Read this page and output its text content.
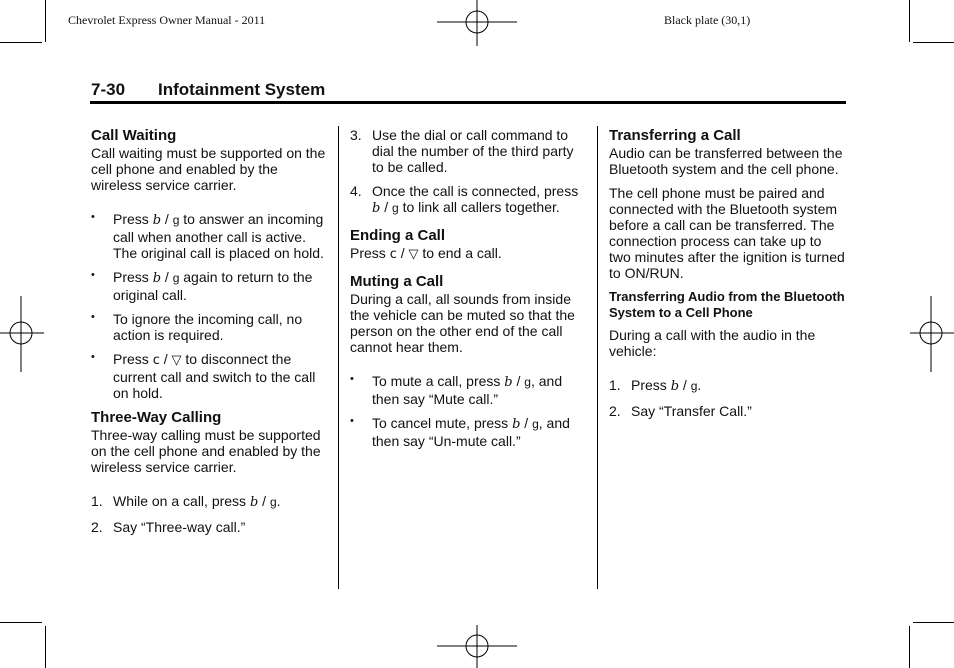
Chevrolet Express Owner Manual - 2011	Black plate (30,1)
7-30 Infotainment System

Call Waiting

Call waiting must be supported on the cell phone and enabled by the wireless service carrier.

• Press b / g to answer an incoming call when another call is active. The original call is placed on hold.
• Press b / g again to return to the original call.
• To ignore the incoming call, no action is required.
• Press c / ▽ to disconnect the current call and switch to the call on hold.

Three-Way Calling

Three-way calling must be supported on the cell phone and enabled by the wireless service carrier.

1. While on a call, press b / g.
2. Say “Three-way call.”
3. Use the dial or call command to dial the number of the third party to be called.
4. Once the call is connected, press b / g to link all callers together.

Ending a Call

Press c / ▽ to end a call.

Muting a Call

During a call, all sounds from inside the vehicle can be muted so that the person on the other end of the call cannot hear them.

• To mute a call, press b / g, and then say “Mute call.”
• To cancel mute, press b / g, and then say “Un-mute call.”

Transferring a Call

Audio can be transferred between the Bluetooth system and the cell phone.

The cell phone must be paired and connected with the Bluetooth system before a call can be transferred. The connection process can take up to two minutes after the ignition is turned to ON/RUN.

Transferring Audio from the Bluetooth System to a Cell Phone

During a call with the audio in the vehicle:

1. Press b / g.
2. Say “Transfer Call.”
